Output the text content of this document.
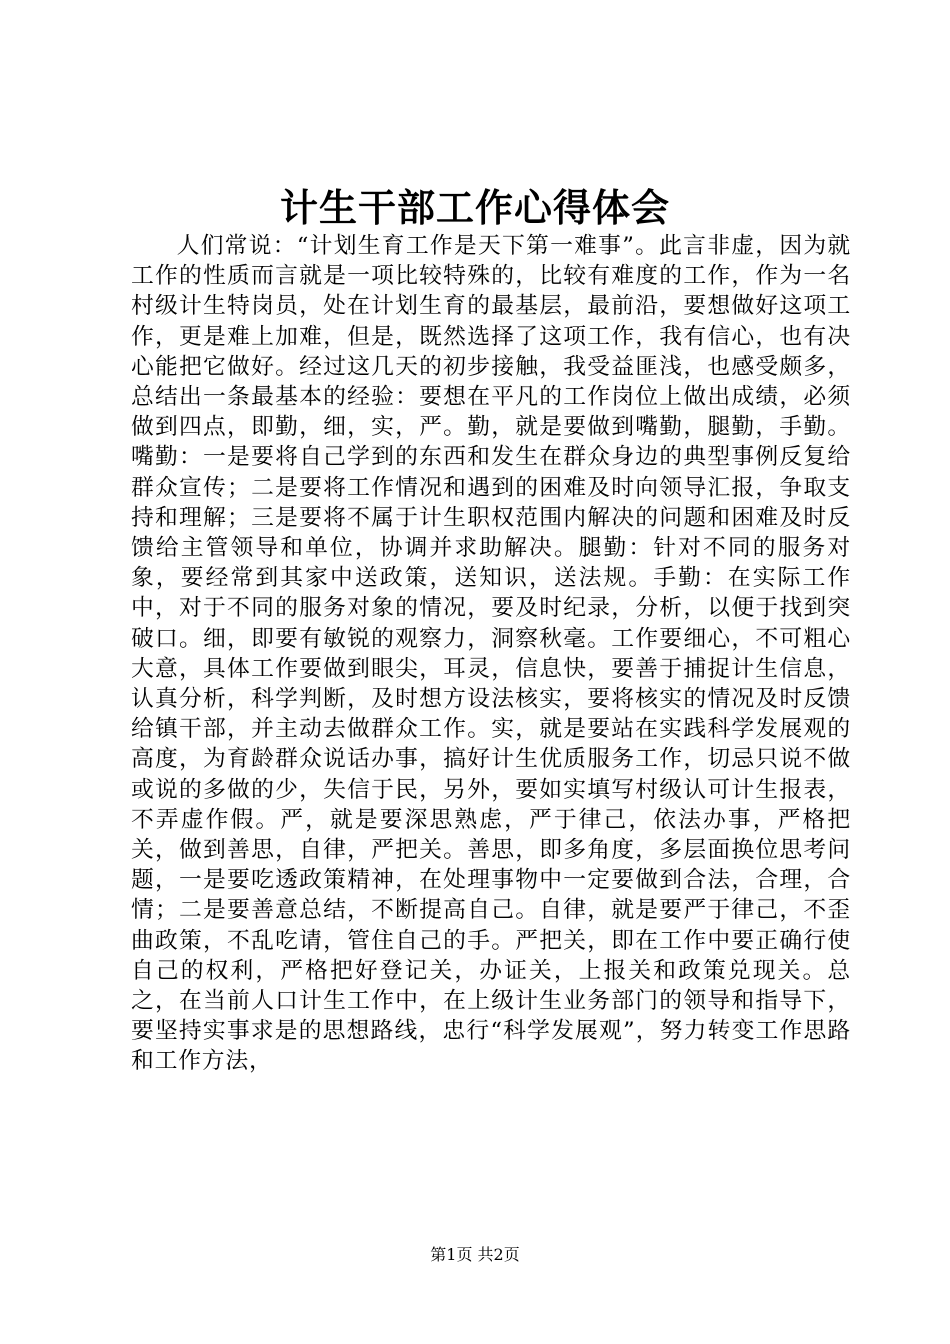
计生干部工作心得体会

人们常说：“计划生育工作是天下第一难事”。此言非虚，因为就工作的性质而言就是一项比较特殊的，比较有难度的工作，作为一名村级计生特岗员，处在计划生育的最基层，最前沿，要想做好这项工作，更是难上加难，但是，既然选择了这项工作，我有信心，也有决心能把它做好。经过这几天的初步接触，我受益匪浅，也感受颇多，总结出一条最基本的经验：要想在平凡的工作岗位上做出成绩，必须做到四点，即勤，细，实，严。勤，就是要做到嘴勤，腿勤，手勤。嘴勤：一是要将自己学到的东西和发生在群众身边的典型事例反复给群众宣传；二是要将工作情况和遇到的困难及时向领导汇报，争取支持和理解；三是要将不属于计生职权范围内解决的问题和困难及时反馈给主管领导和单位，协调并求助解决。腿勤：针对不同的服务对象，要经常到其家中送政策，送知识，送法规。手勤：在实际工作中，对于不同的服务对象的情况，要及时纪录，分析，以便于找到突破口。细，即要有敏锐的观察力，洞察秋毫。工作要细心，不可粗心大意，具体工作要做到眼尖，耳灵，信息快，要善于捕捉计生信息，认真分析，科学判断，及时想方设法核实，要将核实的情况及时反馈给镇干部，并主动去做群众工作。实，就是要站在实践科学发展观的高度，为育龄群众说话办事，搞好计生优质服务工作，切忌只说不做或说的多做的少，失信于民，另外，要如实填写村级认可计生报表，不弄虚作假。严，就是要深思熟虑，严于律己，依法办事，严格把关，做到善思，自律，严把关。善思，即多角度，多层面换位思考问题，一是要吃透政策精神，在处理事物中一定要做到合法，合理，合情；二是要善意总结，不断提高自己。自律，就是要严于律己，不歪曲政策，不乱吃请，管住自己的手。严把关，即在工作中要正确行使自己的权利，严格把好登记关，办证关，上报关和政策兑现关。总之，在当前人口计生工作中，在上级计生业务部门的领导和指导下，要坚持实事求是的思想路线，忠行“科学发展观”，努力转变工作思路和工作方法，

第1页 共2页
